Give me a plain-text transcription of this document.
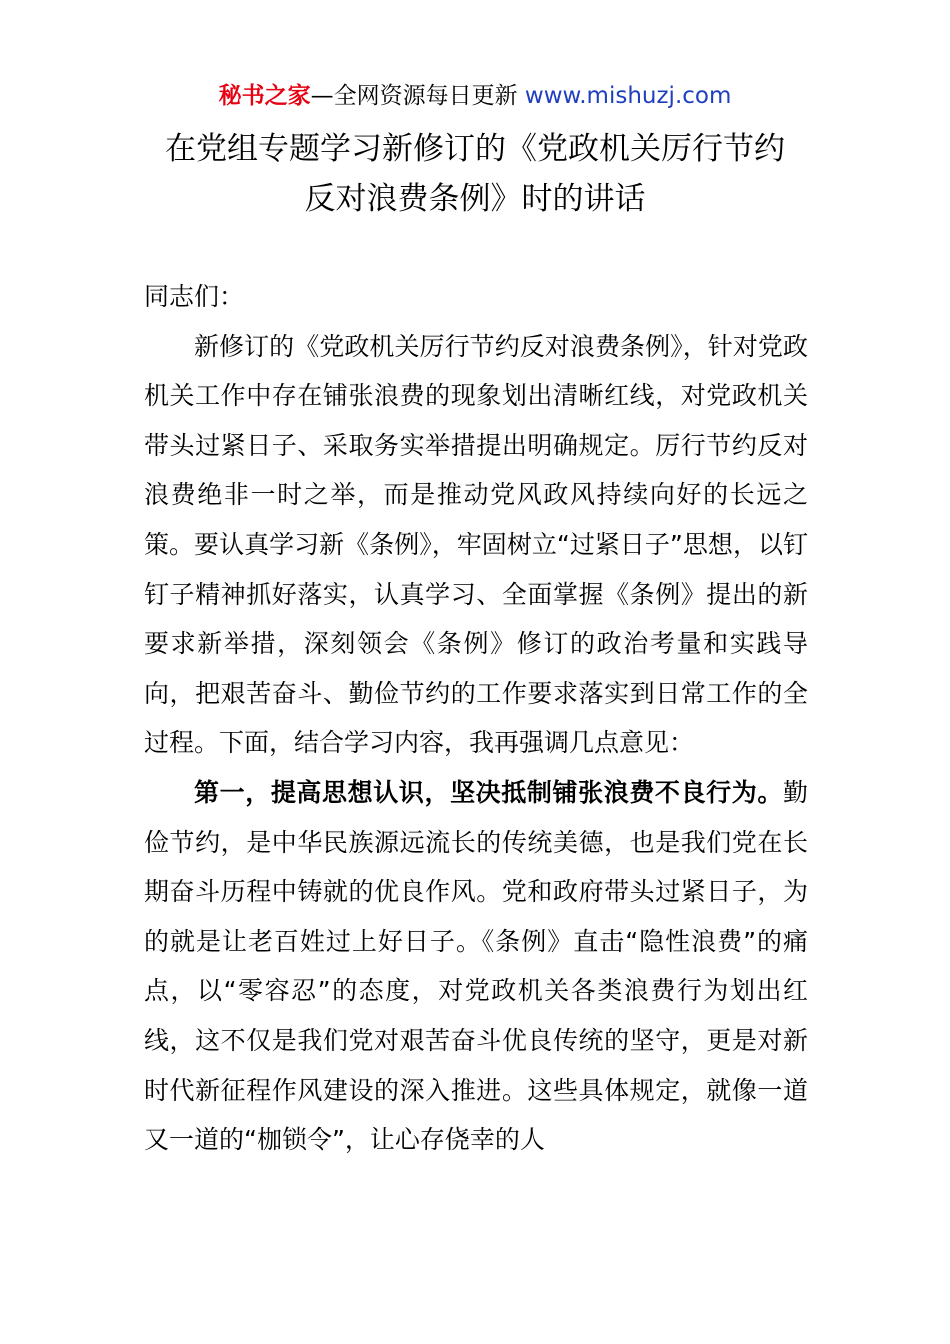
秘书之家—全网资源每日更新 www.mishuzj.com
在党组专题学习新修订的《党政机关厉行节约
反对浪费条例》时的讲话

同志们：

新修订的《党政机关厉行节约反对浪费条例》，针对党政机关工作中存在铺张浪费的现象划出清晰红线，对党政机关带头过紧日子、采取务实举措提出明确规定。厉行节约反对浪费绝非一时之举，而是推动党风政风持续向好的长远之策。要认真学习新《条例》，牢固树立“过紧日子”思想，以钉钉子精神抓好落实，认真学习、全面掌握《条例》提出的新要求新举措，深刻领会《条例》修订的政治考量和实践导向，把艰苦奋斗、勤俭节约的工作要求落实到日常工作的全过程。下面，结合学习内容，我再强调几点意见：

第一，提高思想认识，坚决抵制铺张浪费不良行为。勤俭节约，是中华民族源远流长的传统美德，也是我们党在长期奋斗历程中铸就的优良作风。党和政府带头过紧日子，为的就是让老百姓过上好日子。《条例》直击“隐性浪费”的痛点，以“零容忍”的态度，对党政机关各类浪费行为划出红线，这不仅是我们党对艰苦奋斗优良传统的坚守，更是对新时代新征程作风建设的深入推进。这些具体规定，就像一道又一道的“枷锁令”，让心存侥幸的人
